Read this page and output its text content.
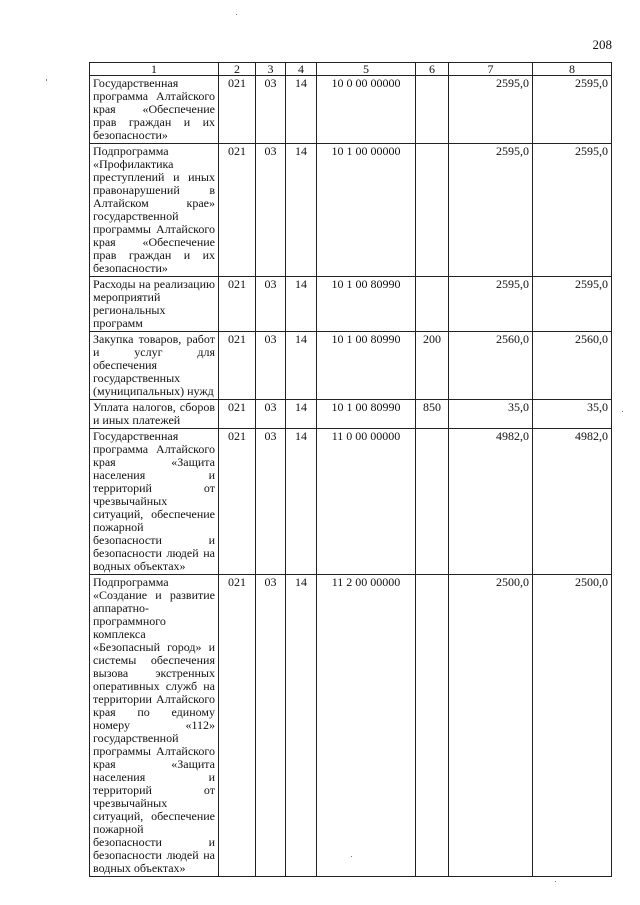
208
1	2	3	4	5	6	7	8
Государственная программа Алтайского края «Обеспечение прав граждан и их безопасности»	021	03	14	10 0 00 00000		2595,0	2595,0
Подпрограмма «Профилактика преступлений и иных правонарушений в Алтайском крае» государственной программы Алтайского края «Обеспечение прав граждан и их безопасности»	021	03	14	10 1 00 00000		2595,0	2595,0
Расходы на реализацию мероприятий региональных программ	021	03	14	10 1 00 80990		2595,0	2595,0
Закупка товаров, работ и услуг для обеспечения государственных (муниципальных) нужд	021	03	14	10 1 00 80990	200	2560,0	2560,0
Уплата налогов, сборов и иных платежей	021	03	14	10 1 00 80990	850	35,0	35,0
Государственная программа Алтайского края «Защита населения и территорий от чрезвычайных ситуаций, обеспечение пожарной безопасности и безопасности людей на водных объектах»	021	03	14	11 0 00 00000		4982,0	4982,0
Подпрограмма «Создание и развитие аппаратно-программного комплекса «Безопасный город» и системы обеспечения вызова экстренных оперативных служб на территории Алтайского края по единому номеру «112» государственной программы Алтайского края «Защита населения и территорий от чрезвычайных ситуаций, обеспечение пожарной безопасности и безопасности людей на водных объектах»	021	03	14	11 2 00 00000		2500,0	2500,0
